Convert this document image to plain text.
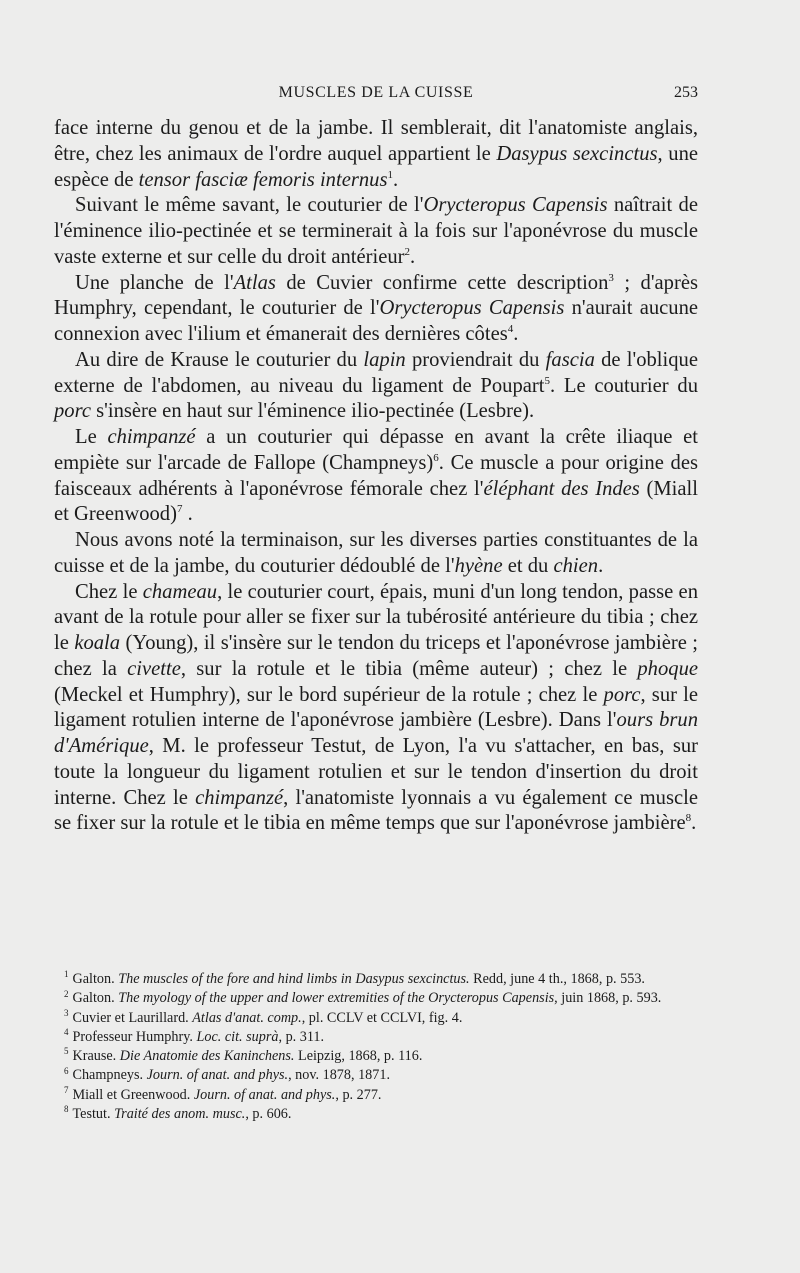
MUSCLES DE LA CUISSE	253

face interne du genou et de la jambe. Il semblerait, dit l'anatomiste anglais, être, chez les animaux de l'ordre auquel appartient le Dasypus sexcinctus, une espèce de tensor fasciæ femoris internus$^1$.

Suivant le même savant, le couturier de l'Orycteropus Capensis naîtrait de l'éminence ilio-pectinée et se terminerait à la fois sur l'aponévrose du muscle vaste externe et sur celle du droit antérieur$^2$.

Une planche de l'Atlas de Cuvier confirme cette description$^3$ ; d'après Humphry, cependant, le couturier de l'Orycteropus Capensis n'aurait aucune connexion avec l'ilium et émanerait des dernières côtes$^4$.

Au dire de Krause le couturier du lapin proviendrait du fascia de l'oblique externe de l'abdomen, au niveau du ligament de Poupart$^5$. Le couturier du porc s'insère en haut sur l'éminence ilio-pectinée (Lesbre).

Le chimpanzé a un couturier qui dépasse en avant la crête iliaque et empiète sur l'arcade de Fallope (Champneys)$^6$. Ce muscle a pour origine des faisceaux adhérents à l'aponévrose fémorale chez l'éléphant des Indes (Miall et Greenwood)$^7$ .

Nous avons noté la terminaison, sur les diverses parties constituantes de la cuisse et de la jambe, du couturier dédoublé de l'hyène et du chien.

Chez le chameau, le couturier court, épais, muni d'un long tendon, passe en avant de la rotule pour aller se fixer sur la tubérosité antérieure du tibia ; chez le koala (Young), il s'insère sur le tendon du triceps et l'aponévrose jambière ; chez la civette, sur la rotule et le tibia (même auteur) ; chez le phoque (Meckel et Humphry), sur le bord supérieur de la rotule ; chez le porc, sur le ligament rotulien interne de l'aponévrose jambière (Lesbre). Dans l'ours brun d'Amérique, M. le professeur Testut, de Lyon, l'a vu s'attacher, en bas, sur toute la longueur du ligament rotulien et sur le tendon d'insertion du droit interne. Chez le chimpanzé, l'anatomiste lyonnais a vu également ce muscle se fixer sur la rotule et le tibia en même temps que sur l'aponévrose jambière$^8$.

$^1$ Galton. The muscles of the fore and hind limbs in Dasypus sexcinctus. Redd, june 4 th., 1868, p. 553.

$^2$ Galton. The myology of the upper and lower extremities of the Orycteropus Capensis, juin 1868, p. 593.

$^3$ Cuvier et Laurillard. Atlas d'anat. comp., pl. CCLV et CCLVI, fig. 4.

$^4$ Professeur Humphry. Loc. cit. suprà, p. 311.

$^5$ Krause. Die Anatomie des Kaninchens. Leipzig, 1868, p. 116.

$^6$ Champneys. Journ. of anat. and phys., nov. 1878, 1871.

$^7$ Miall et Greenwood. Journ. of anat. and phys., p. 277.

$^8$ Testut. Traité des anom. musc., p. 606.
